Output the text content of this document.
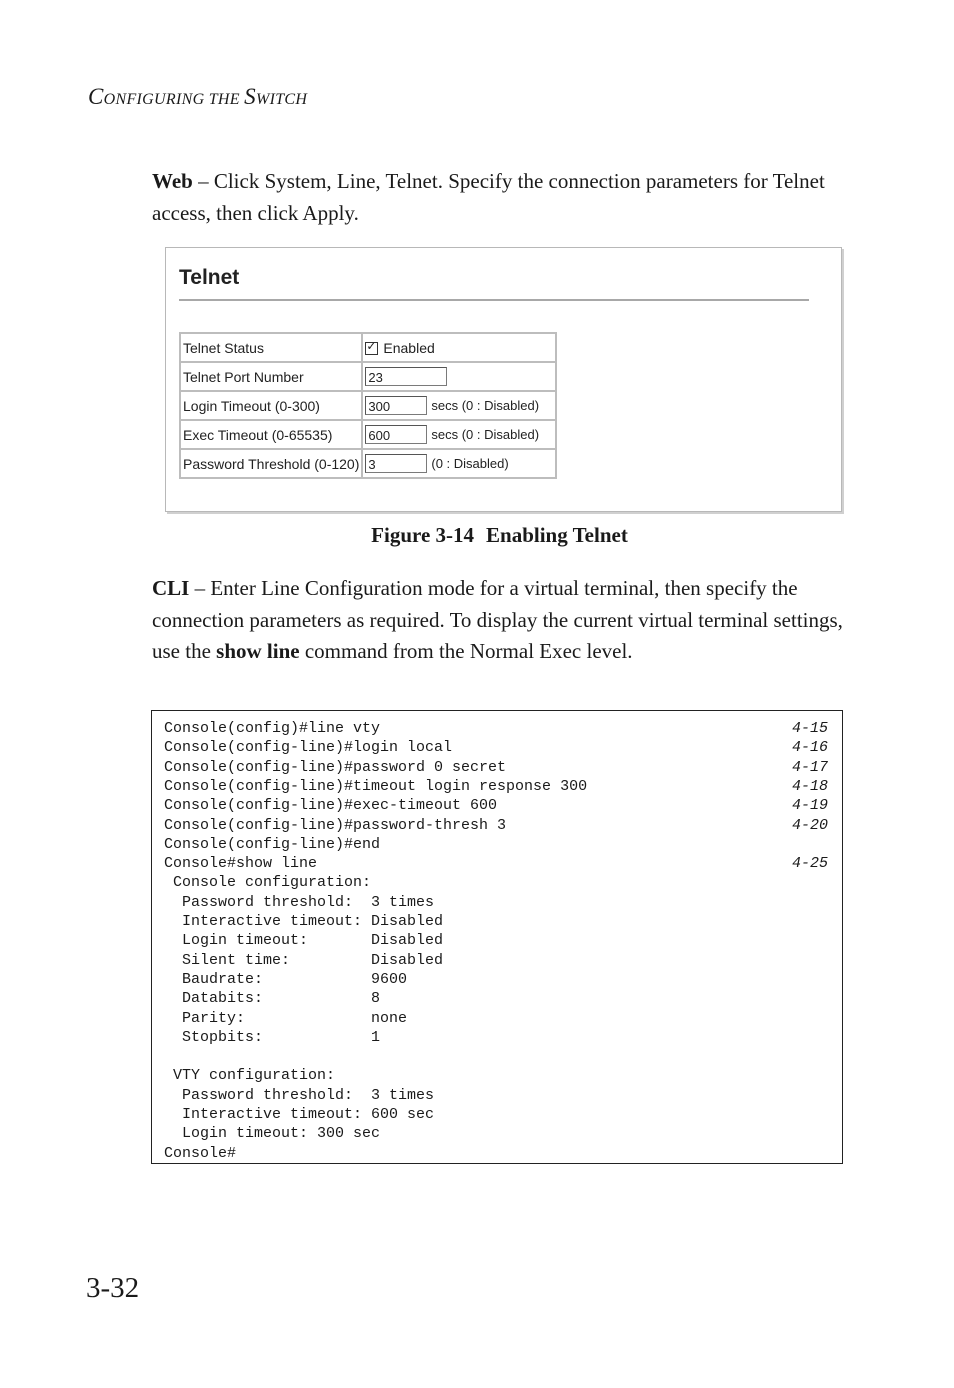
CONFIGURING THE SWITCH
Web – Click System, Line, Telnet. Specify the connection parameters for Telnet access, then click Apply.
Telnet
Telnet Status	✓Enabled
Telnet Port Number	23
Login Timeout (0-300)	300 secs (0 : Disabled)
Exec Timeout (0-65535)	600 secs (0 : Disabled)
Password Threshold (0-120)	3 (0 : Disabled)
Figure 3-14 Enabling Telnet
CLI – Enter Line Configuration mode for a virtual terminal, then specify the connection parameters as required. To display the current virtual terminal settings, use the show line command from the Normal Exec level.
Console(config)#line vty	4-15
Console(config-line)#login local	4-16
Console(config-line)#password 0 secret	4-17
Console(config-line)#timeout login response 300	4-18
Console(config-line)#exec-timeout 600	4-19
Console(config-line)#password-thresh 3	4-20
Console(config-line)#end
Console#show line	4-25
Console configuration:
Password threshold:  3 times
Interactive timeout: Disabled
Login timeout:       Disabled
Silent time:         Disabled
Baudrate:            9600
Databits:            8
Parity:              none
Stopbits:            1
VTY configuration:
Password threshold:  3 times
Interactive timeout: 600 sec
Login timeout: 300 sec
Console#
3-32
